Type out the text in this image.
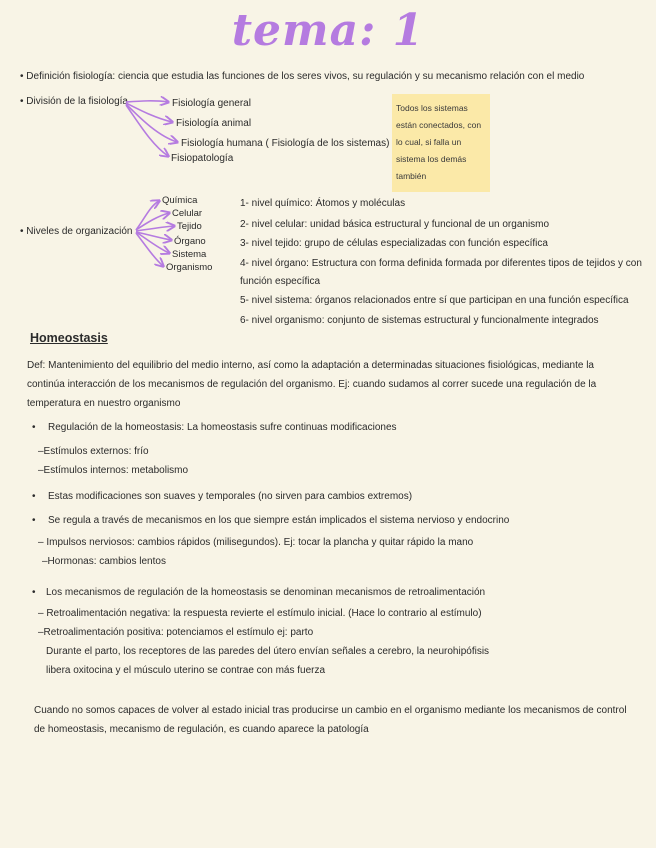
tema: 1
• Definición fisiología: ciencia que estudia las funciones de los seres vivos, su regulación y su mecanismo relación con el medio
• División de la fisiología	Fisiología general
Fisiología animal
Fisiología humana ( Fisiología de los sistemas)
Fisiopatología
Todos los sistemas están conectados, con lo cual, si falla un sistema los demás también
• Niveles de organización
Química
Celular
Tejido
Órgano
Sistema
Organismo
1- nivel químico: Átomos y moléculas
2- nivel celular: unidad básica estructural y funcional de un organismo
3- nivel tejido: grupo de células especializadas con función específica
4- nivel órgano: Estructura con forma definida formada por diferentes tipos de tejidos y con función específica
5- nivel sistema: órganos relacionados entre sí que participan en una función específica
6- nivel organismo: conjunto de sistemas estructural y funcionalmente integrados
Homeostasis
Def: Mantenimiento del equilibrio del medio interno, así como la adaptación a determinadas situaciones fisiológicas, mediante la continúa interacción de los mecanismos de regulación del organismo. Ej: cuando sudamos al correr sucede una regulación de la temperatura en nuestro organismo
• Regulación de la homeostasis: La homeostasis sufre continuas modificaciones
–Estímulos externos: frío
–Estímulos internos: metabolismo
• Estas modificaciones son suaves y temporales (no sirven para cambios extremos)
• Se regula a través de mecanismos en los que siempre están implicados el sistema nervioso y endocrino
– Impulsos nerviosos: cambios rápidos (milisegundos). Ej: tocar la plancha y quitar rápido la mano
–Hormonas: cambios lentos
• Los mecanismos de regulación de la homeostasis se denominan mecanismos de retroalimentación
– Retroalimentación negativa: la respuesta revierte el estímulo inicial. (Hace lo contrario al estímulo)
–Retroalimentación positiva: potenciamos el estímulo ej: parto
Durante el parto, los receptores de las paredes del útero envían señales a cerebro, la neurohipófisis
libera oxitocina y el músculo uterino se contrae con más fuerza
Cuando no somos capaces de volver al estado inicial tras producirse un cambio en el organismo mediante los mecanismos de control de homeostasis, mecanismo de regulación, es cuando aparece la patología
